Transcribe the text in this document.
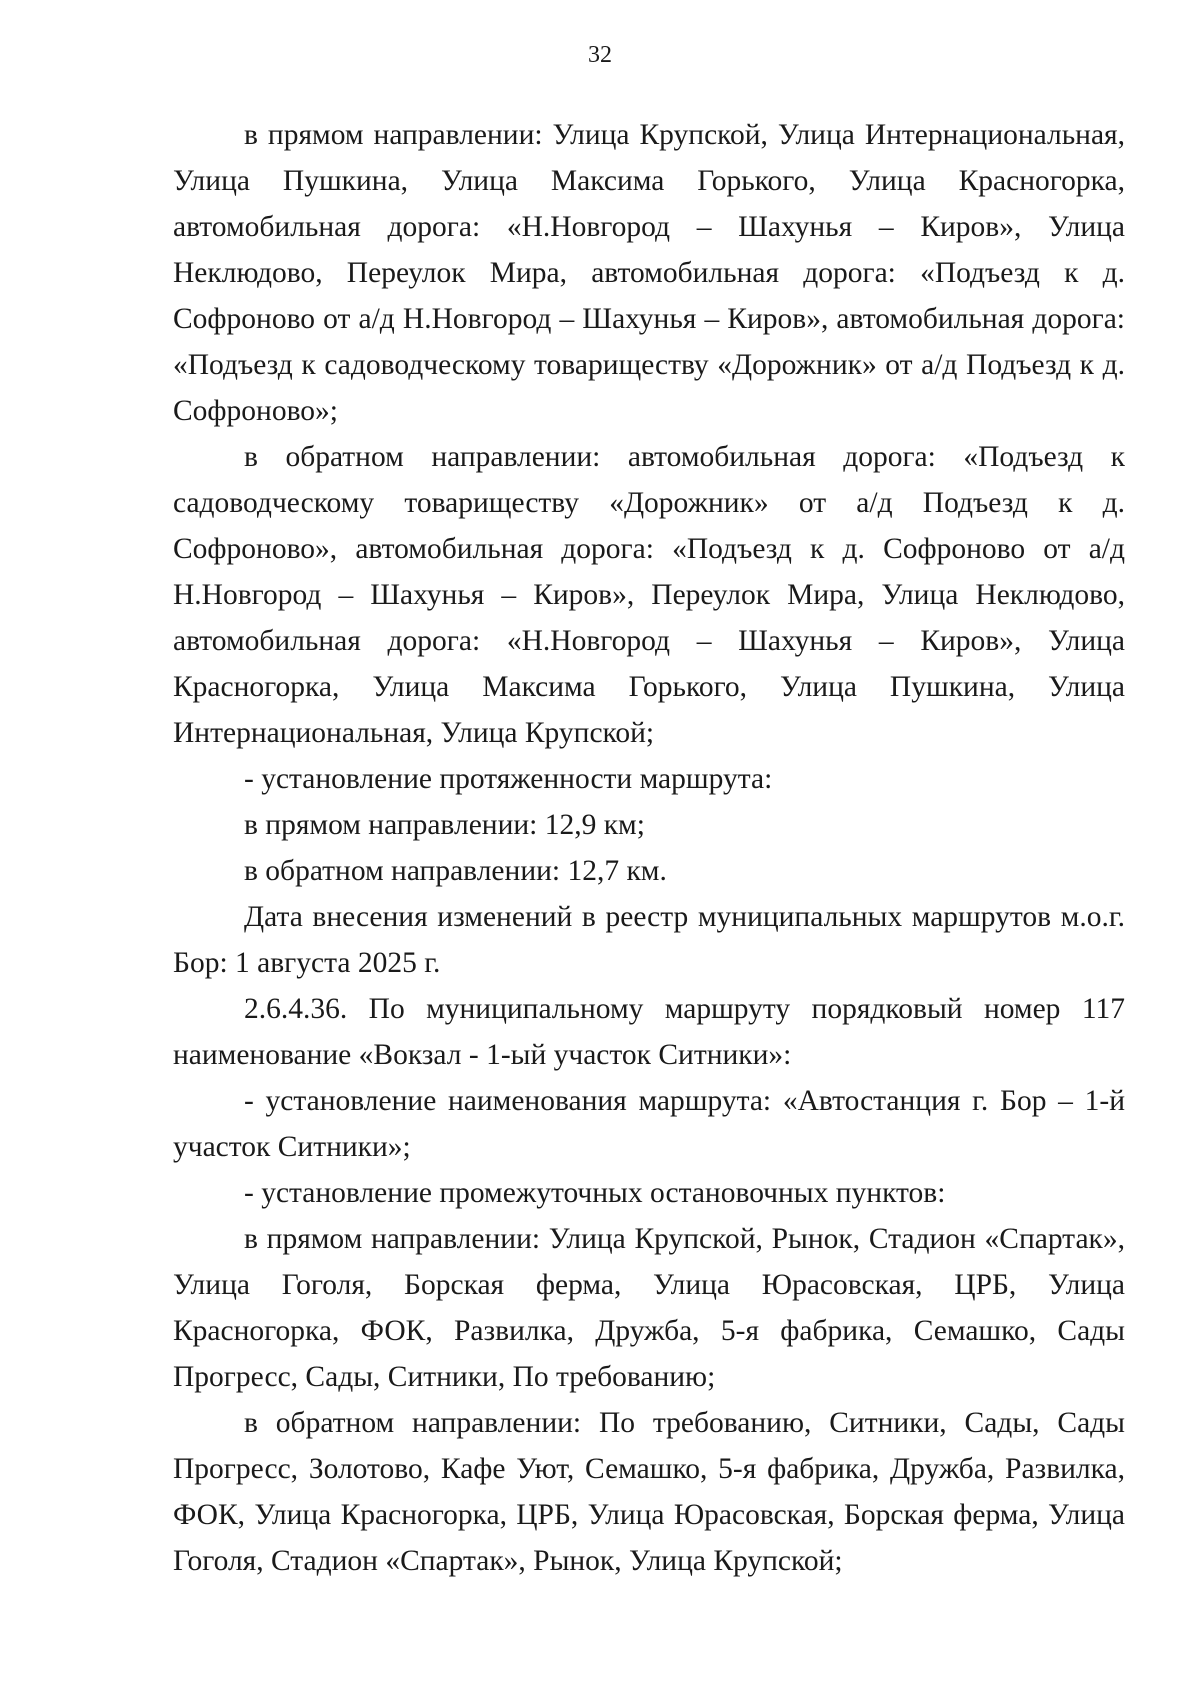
32

в прямом направлении: Улица Крупской, Улица Интернациональная, Улица Пушкина, Улица Максима Горького, Улица Красногорка, автомобильная дорога: «Н.Новгород – Шахунья – Киров», Улица Неклюдово, Переулок Мира, автомобильная дорога: «Подъезд к д. Софроново от а/д Н.Новгород – Шахунья – Киров», автомобильная дорога: «Подъезд к садоводческому товариществу «Дорожник» от а/д Подъезд к д. Софроново»;

в обратном направлении: автомобильная дорога: «Подъезд к садоводческому товариществу «Дорожник» от а/д Подъезд к д. Софроново», автомобильная дорога: «Подъезд к д. Софроново от а/д Н.Новгород – Шахунья – Киров», Переулок Мира, Улица Неклюдово, автомобильная дорога: «Н.Новгород – Шахунья – Киров», Улица Красногорка, Улица Максима Горького, Улица Пушкина, Улица Интернациональная, Улица Крупской;

- установление протяженности маршрута:

в прямом направлении: 12,9 км;

в обратном направлении: 12,7 км.

Дата внесения изменений в реестр муниципальных маршрутов м.о.г. Бор: 1 августа 2025 г.

2.6.4.36. По муниципальному маршруту порядковый номер 117 наименование «Вокзал - 1-ый участок Ситники»:

- установление наименования маршрута: «Автостанция г. Бор – 1-й участок Ситники»;

- установление промежуточных остановочных пунктов:

в прямом направлении: Улица Крупской, Рынок, Стадион «Спартак», Улица Гоголя, Борская ферма, Улица Юрасовская, ЦРБ, Улица Красногорка, ФОК, Развилка, Дружба, 5-я фабрика, Семашко, Сады Прогресс, Сады, Ситники, По требованию;

в обратном направлении: По требованию, Ситники, Сады, Сады Прогресс, Золотово, Кафе Уют, Семашко, 5-я фабрика, Дружба, Развилка, ФОК, Улица Красногорка, ЦРБ, Улица Юрасовская, Борская ферма, Улица Гоголя, Стадион «Спартак», Рынок, Улица Крупской;
